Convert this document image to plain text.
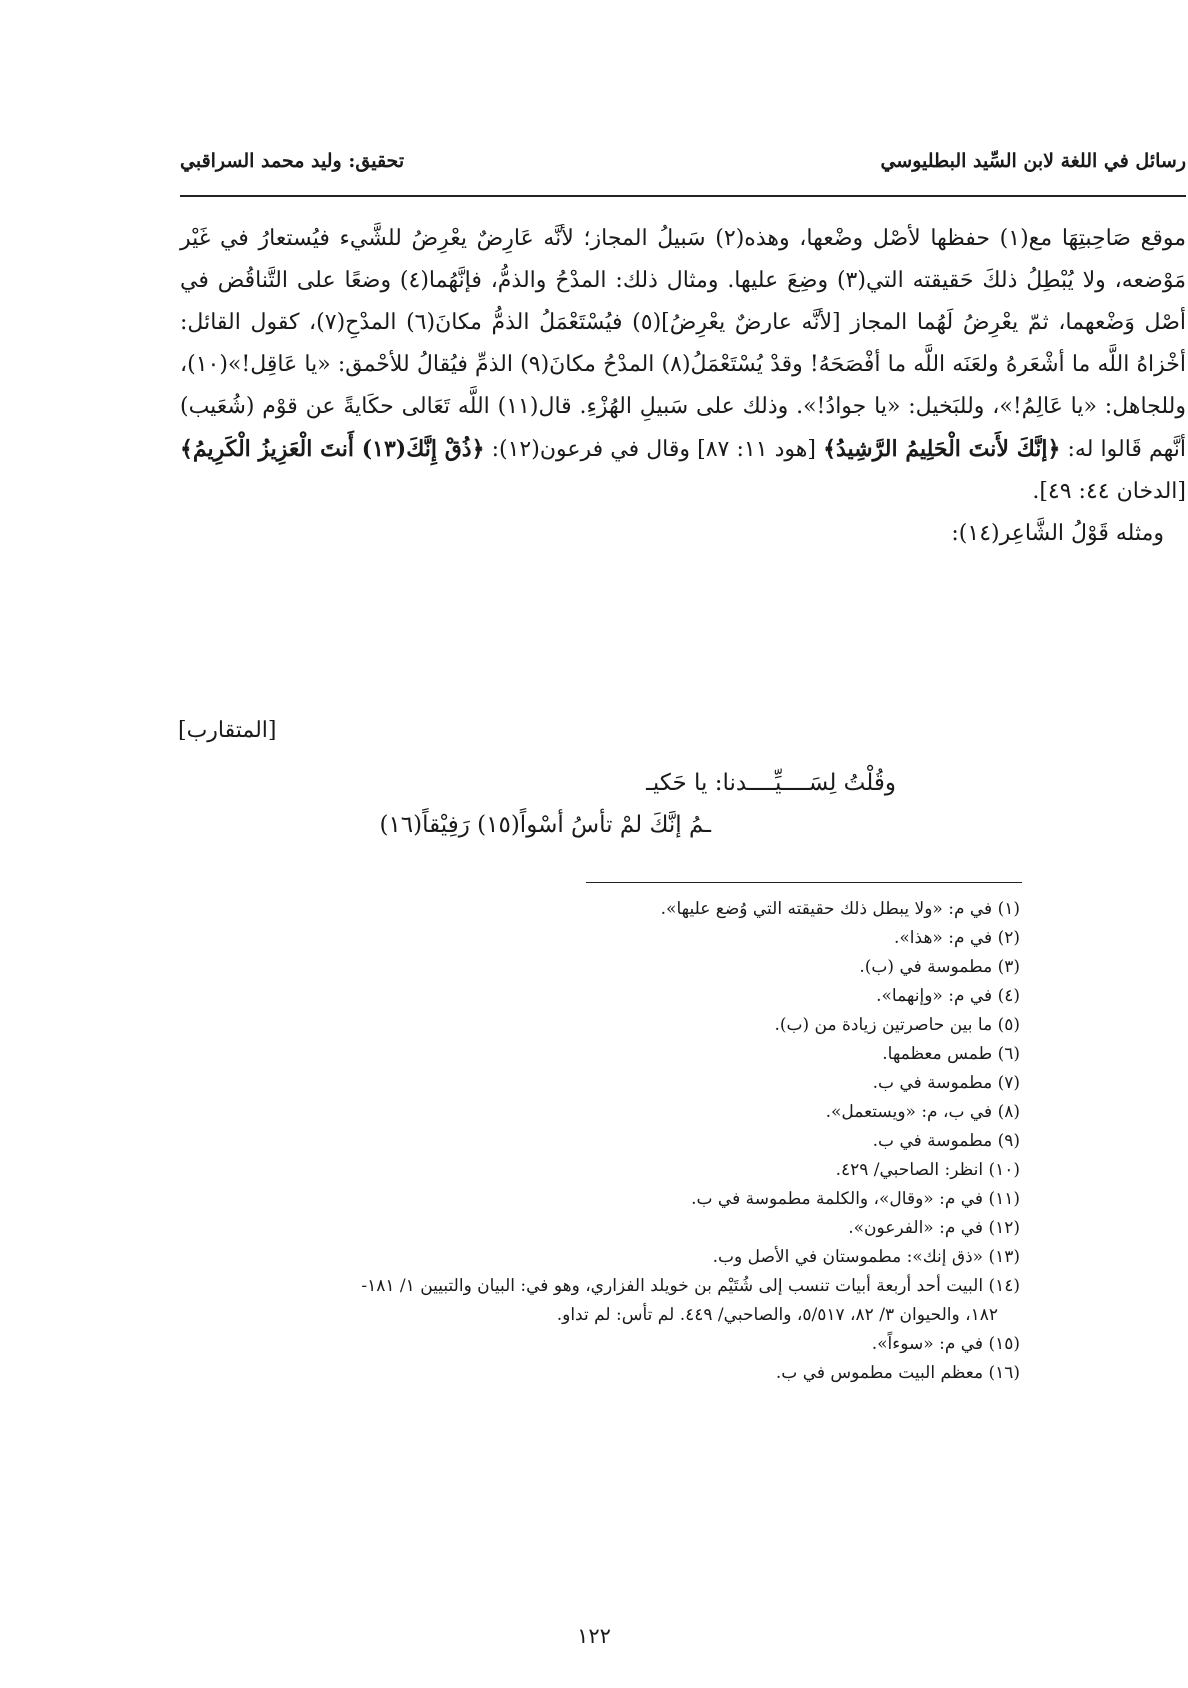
رسائل في اللغة لابن السِّيد البطليوسي
تحقيق: وليد محمد السراقبي

موقع صَاحِبتِهَا مع(١) حفظها لأصْل وضْعها، وهذه(٢) سَبيلُ المجاز؛ لأنَّه عَارِضٌ يعْرِضُ للشَّيء فيُستعارُ في غَيْر مَوْضعه، ولا يُبْطِلُ ذلكَ حَقيقته التي(٣) وضِعَ عليها. ومثال ذلك: المدْحُ والذمُّ، فإنَّهُما(٤) وضعًا على التَّناقُض في أصْل وَضْعهما، ثمّ يعْرِضُ لَهُما المجاز [لأنَّه عارضٌ يعْرِضُ](٥) فيُسْتَعْمَلُ الذمُّ مكانَ(٦) المدْحِ(٧)، كقول القائل: أخْزاهُ اللَّه ما أشْعَرهُ ولعَنَه اللَّه ما أفْصَحَهُ! وقدْ يُسْتَعْمَلُ(٨) المدْحُ مكانَ(٩) الذمِّ فيُقالُ للأحْمق: «يا عَاقِل!»(١٠)، وللجاهل: «يا عَالِمُ!»، وللبَخيل: «يا جوادُ!». وذلك على سَبيلِ الهُزْءِ. قال(١١) اللَّه تَعَالى حكَايةً عن قوْم (شُعَيب) أنَّهم قَالوا له: ﴿إنَّكَ لأَنتَ الْحَلِيمُ الرَّشِيدُ﴾ [هود ١١: ٨٧] وقال في فرعون(١٢): ﴿ذُقْ إِنَّكَ(١٣) أَنتَ الْعَزِيزُ الْكَرِيمُ﴾ [الدخان ٤٤: ٤٩].

ومثله قَوْلُ الشَّاعِر(١٤):

[المتقارب]
وقُلْتُ لِسَــــيِّــــدنا: يا حَكيـ
ـمُ إنَّكَ لمْ تأسُ أسْواً(١٥) رَفِيْقاً(١٦)
(١) في م: «ولا يبطل ذلك حقيقته التي وُضع عليها».
(٢) في م: «هذا».
(٣) مطموسة في (ب).
(٤) في م: «وإنهما».
(٥) ما بين حاصرتين زيادة من (ب).
(٦) طمس معظمها.
(٧) مطموسة في ب.
(٨) في ب، م: «ويستعمل».
(٩) مطموسة في ب.
(١٠) انظر: الصاحبي/ ٤٢٩.
(١١) في م: «وقال»، والكلمة مطموسة في ب.
(١٢) في م: «الفرعون».
(١٣) «ذق إنك»: مطموستان في الأصل وب.
(١٤) البيت أحد أربعة أبيات تنسب إلى شُتَيْم بن خويلد الفزاري، وهو في: البيان والتبيين ١/ ١٨١-
١٨٢، والحيوان ٣/ ٨٢، ٥/٥١٧، والصاحبي/ ٤٤٩. لم تأس: لم تداو.
(١٥) في م: «سوءاً».
(١٦) معظم البيت مطموس في ب.
١٢٢
